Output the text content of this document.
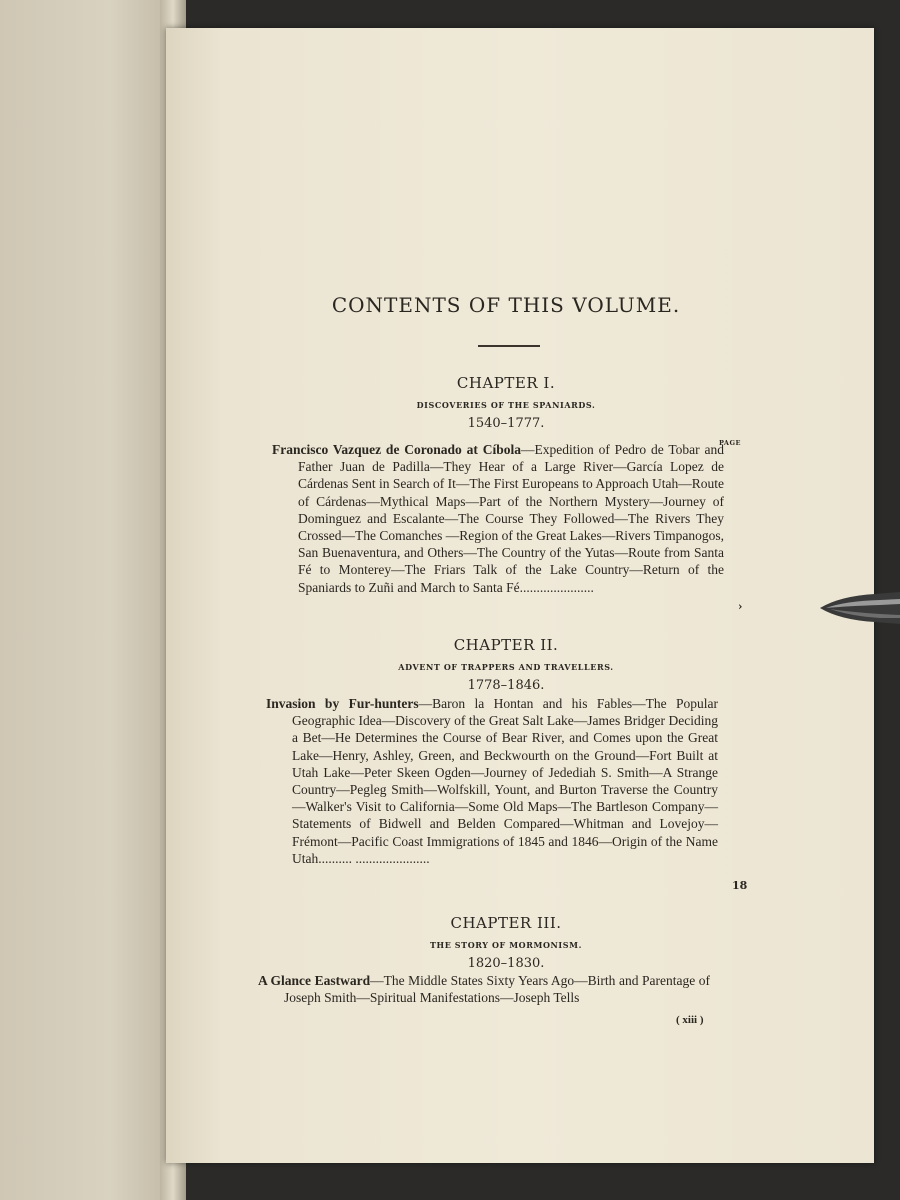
CONTENTS OF THIS VOLUME.
CHAPTER I.
DISCOVERIES OF THE SPANIARDS.
1540–1777.
PAGE
Francisco Vazquez de Coronado at Cíbola—Expedition of Pedro de Tobar and Father Juan de Padilla—They Hear of a Large River—García Lopez de Cárdenas Sent in Search of It—The First Europeans to Approach Utah—Route of Cárdenas—Mythical Maps—Part of the Northern Mystery—Journey of Dominguez and Escalante—The Course They Followed—The Rivers They Crossed—The Comanches —Region of the Great Lakes—Rivers Timpanogos, San Buenaventura, and Others—The Country of the Yutas—Route from Santa Fé to Monterey—The Friars Talk of the Lake Country—Return of the Spaniards to Zuñi and March to Santa Fé......................
›
CHAPTER II.
ADVENT OF TRAPPERS AND TRAVELLERS.
1778–1846.
Invasion by Fur-hunters—Baron la Hontan and his Fables—The Popular Geographic Idea—Discovery of the Great Salt Lake—James Bridger Deciding a Bet—He Determines the Course of Bear River, and Comes upon the Great Lake—Henry, Ashley, Green, and Beckwourth on the Ground—Fort Built at Utah Lake—Peter Skeen Ogden—Journey of Jedediah S. Smith—A Strange Country—Pegleg Smith—Wolfskill, Yount, and Burton Traverse the Country—Walker's Visit to California—Some Old Maps—The Bartleson Company—Statements of Bidwell and Belden Compared—Whitman and Lovejoy—Frémont—Pacific Coast Immigrations of 1845 and 1846—Origin of the Name Utah.......... ......................
18
CHAPTER III.
THE STORY OF MORMONISM.
1820–1830.
A Glance Eastward—The Middle States Sixty Years Ago—Birth and Parentage of Joseph Smith—Spiritual Manifestations—Joseph Tells
( xiii )
